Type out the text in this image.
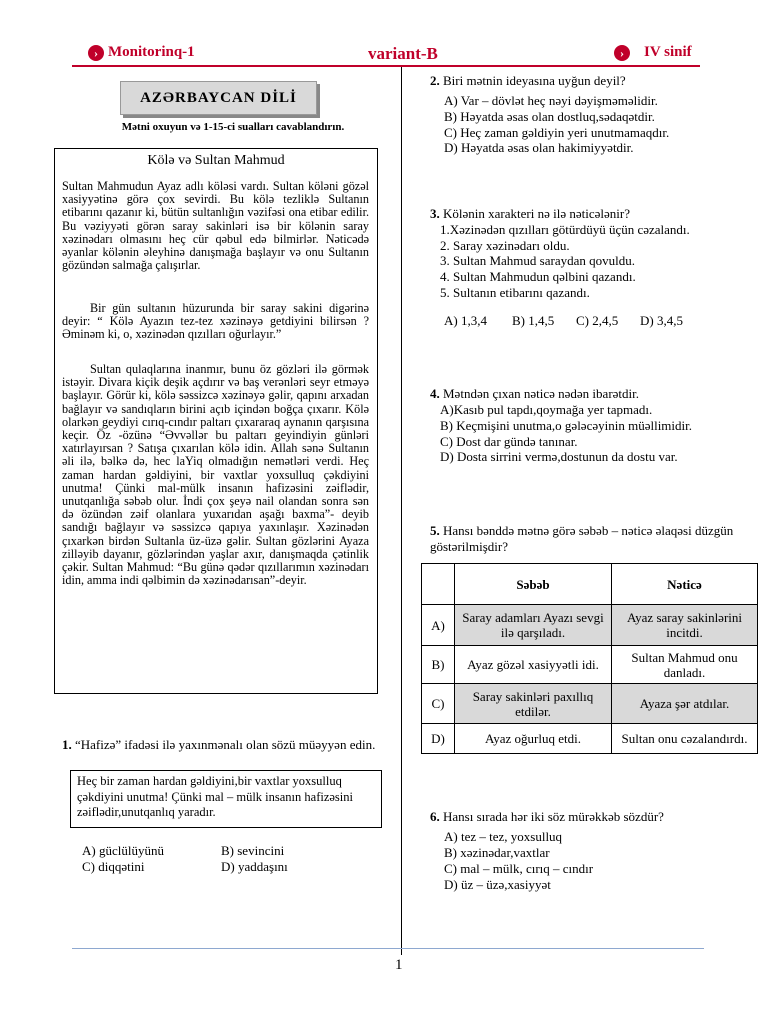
› Monitorinq-1	variant-B	›	IV sinif
AZƏRBAYCAN DİLİ
Mətni oxuyun və 1-15-ci sualları cavablandırın.
Kölə və Sultan Mahmud

Sultan Mahmudun Ayaz adlı köləsi vardı. Sultan köləni gözəl xasiyyətinə görə çox sevirdi. Bu kölə tezliklə Sultanın etibarını qazanır ki, bütün sultanlığın vəzifəsi ona etibar edilir. Bu vəziyyəti görən saray sakinləri isə bir kölənin saray xəzinədarı olmasını heç cür qəbul edə bilmirlər. Nəticədə əyanlar kölənin əleyhinə danışmağa başlayır və onu Sultanın gözündən salmağa çalışırlar.

Bir gün sultanın hüzurunda bir saray sakini digərinə deyir: “ Kölə Ayazın tez-tez xəzinəyə getdiyini bilirsən ? Əminəm ki, o, xəzinədən qızılları oğurlayır.”

Sultan qulaqlarına inanmır, bunu öz gözləri ilə görmək istəyir. Divara kiçik deşik açdırır və baş verənləri seyr etməyə başlayır. Görür ki, kölə səssizcə xəzinəyə gəlir, qapını arxadan bağlayır və sandıqların birini açıb içindən boğça çıxarır. Kölə olarkən geydiyi cırıq-cındır paltarı çıxararaq aynanın qarşısına keçir. Öz -özünə “Əvvəllər bu paltarı geyindiyin günləri xatırlayırsan ? Satışa çıxarılan kölə idin. Allah sənə Sultanın əli ilə, bəlkə də, hec laYiq olmadığın nemətləri verdi. Heç zaman hardan gəldiyini, bir vaxtlar yoxsulluq çəkdiyini unutma! Çünki mal-mülk insanın hafizəsini zəiflədir, unutqanlığa səbəb olur. İndi çox şeyə nail olandan sonra sən də özündən zəif olanlara yuxarıdan aşağı baxma”- deyib sandığı bağlayır və səssizcə qapıya yaxınlaşır. Xəzinədən çıxarkən birdən Sultanla üz-üzə gəlir. Sultan gözlərini Ayaza zilləyib dayanır, gözlərindən yaşlar axır, danışmaqda çətinlik çəkir. Sultan Mahmud: “Bu günə qədər qızıllarımın xəzinədarı idin, amma indi qəlbimin də xəzinədarısan”-deyir.

1. “Hafizə” ifadəsi ilə yaxınmənalı olan sözü müəyyən edin.
Heç bir zaman hardan gəldiyini,bir vaxtlar yoxsulluq çəkdiyini unutma! Çünki mal – mülk insanın hafizəsini zəiflədir,unutqanlıq yaradır.
A) güclülüyünü	B) sevincini
C) diqqətini	D) yaddaşını
2. Biri mətnin ideyasına uyğun deyil?
A) Var – dövlət heç nəyi dəyişməməlidir.
B) Həyatda əsas olan dostluq,sədaqətdir.
C) Heç zaman gəldiyin yeri unutmamaqdır.
D) Həyatda əsas olan hakimiyyətdir.
3. Kölənin xarakteri nə ilə nəticələnir?
1.Xəzinədən qızılları götürdüyü üçün cəzalandı.
2. Saray xəzinədarı oldu.
3. Sultan Mahmud saraydan qovuldu.
4. Sultan Mahmudun qəlbini qazandı.
5. Sultanın etibarını qazandı.
A) 1,3,4 B) 1,4,5 C) 2,4,5 D) 3,4,5
4. Mətndən çıxan nəticə nədən ibarətdir.
A)Kasıb pul tapdı,qoymağa yer tapmadı.
B) Keçmişini unutma,o gələcəyinin müəllimidir.
C) Dost dar gündə tanınar.
D) Dosta sirrini vermə,dostunun da dostu var.
5. Hansı bənddə mətnə görə səbəb – nəticə əlaqəsi düzgün göstərilmişdir?
	Səbəb	Nəticə
A)	Saray adamları Ayazı sevgi ilə qarşıladı.	Ayaz saray sakinlərini incitdi.
B)	Ayaz gözəl xasiyyətli idi.	Sultan Mahmud onu danladı.
C)	Saray sakinləri paxıllıq etdilər.	Ayaza şər atdılar.
D)	Ayaz oğurluq etdi.	Sultan onu cəzalandırdı.
6. Hansı sırada hər iki söz mürəkkəb sözdür?
A) tez – tez, yoxsulluq
B) xəzinədar,vaxtlar
C) mal – mülk, cırıq – cındır
D) üz – üzə,xasiyyət
1
